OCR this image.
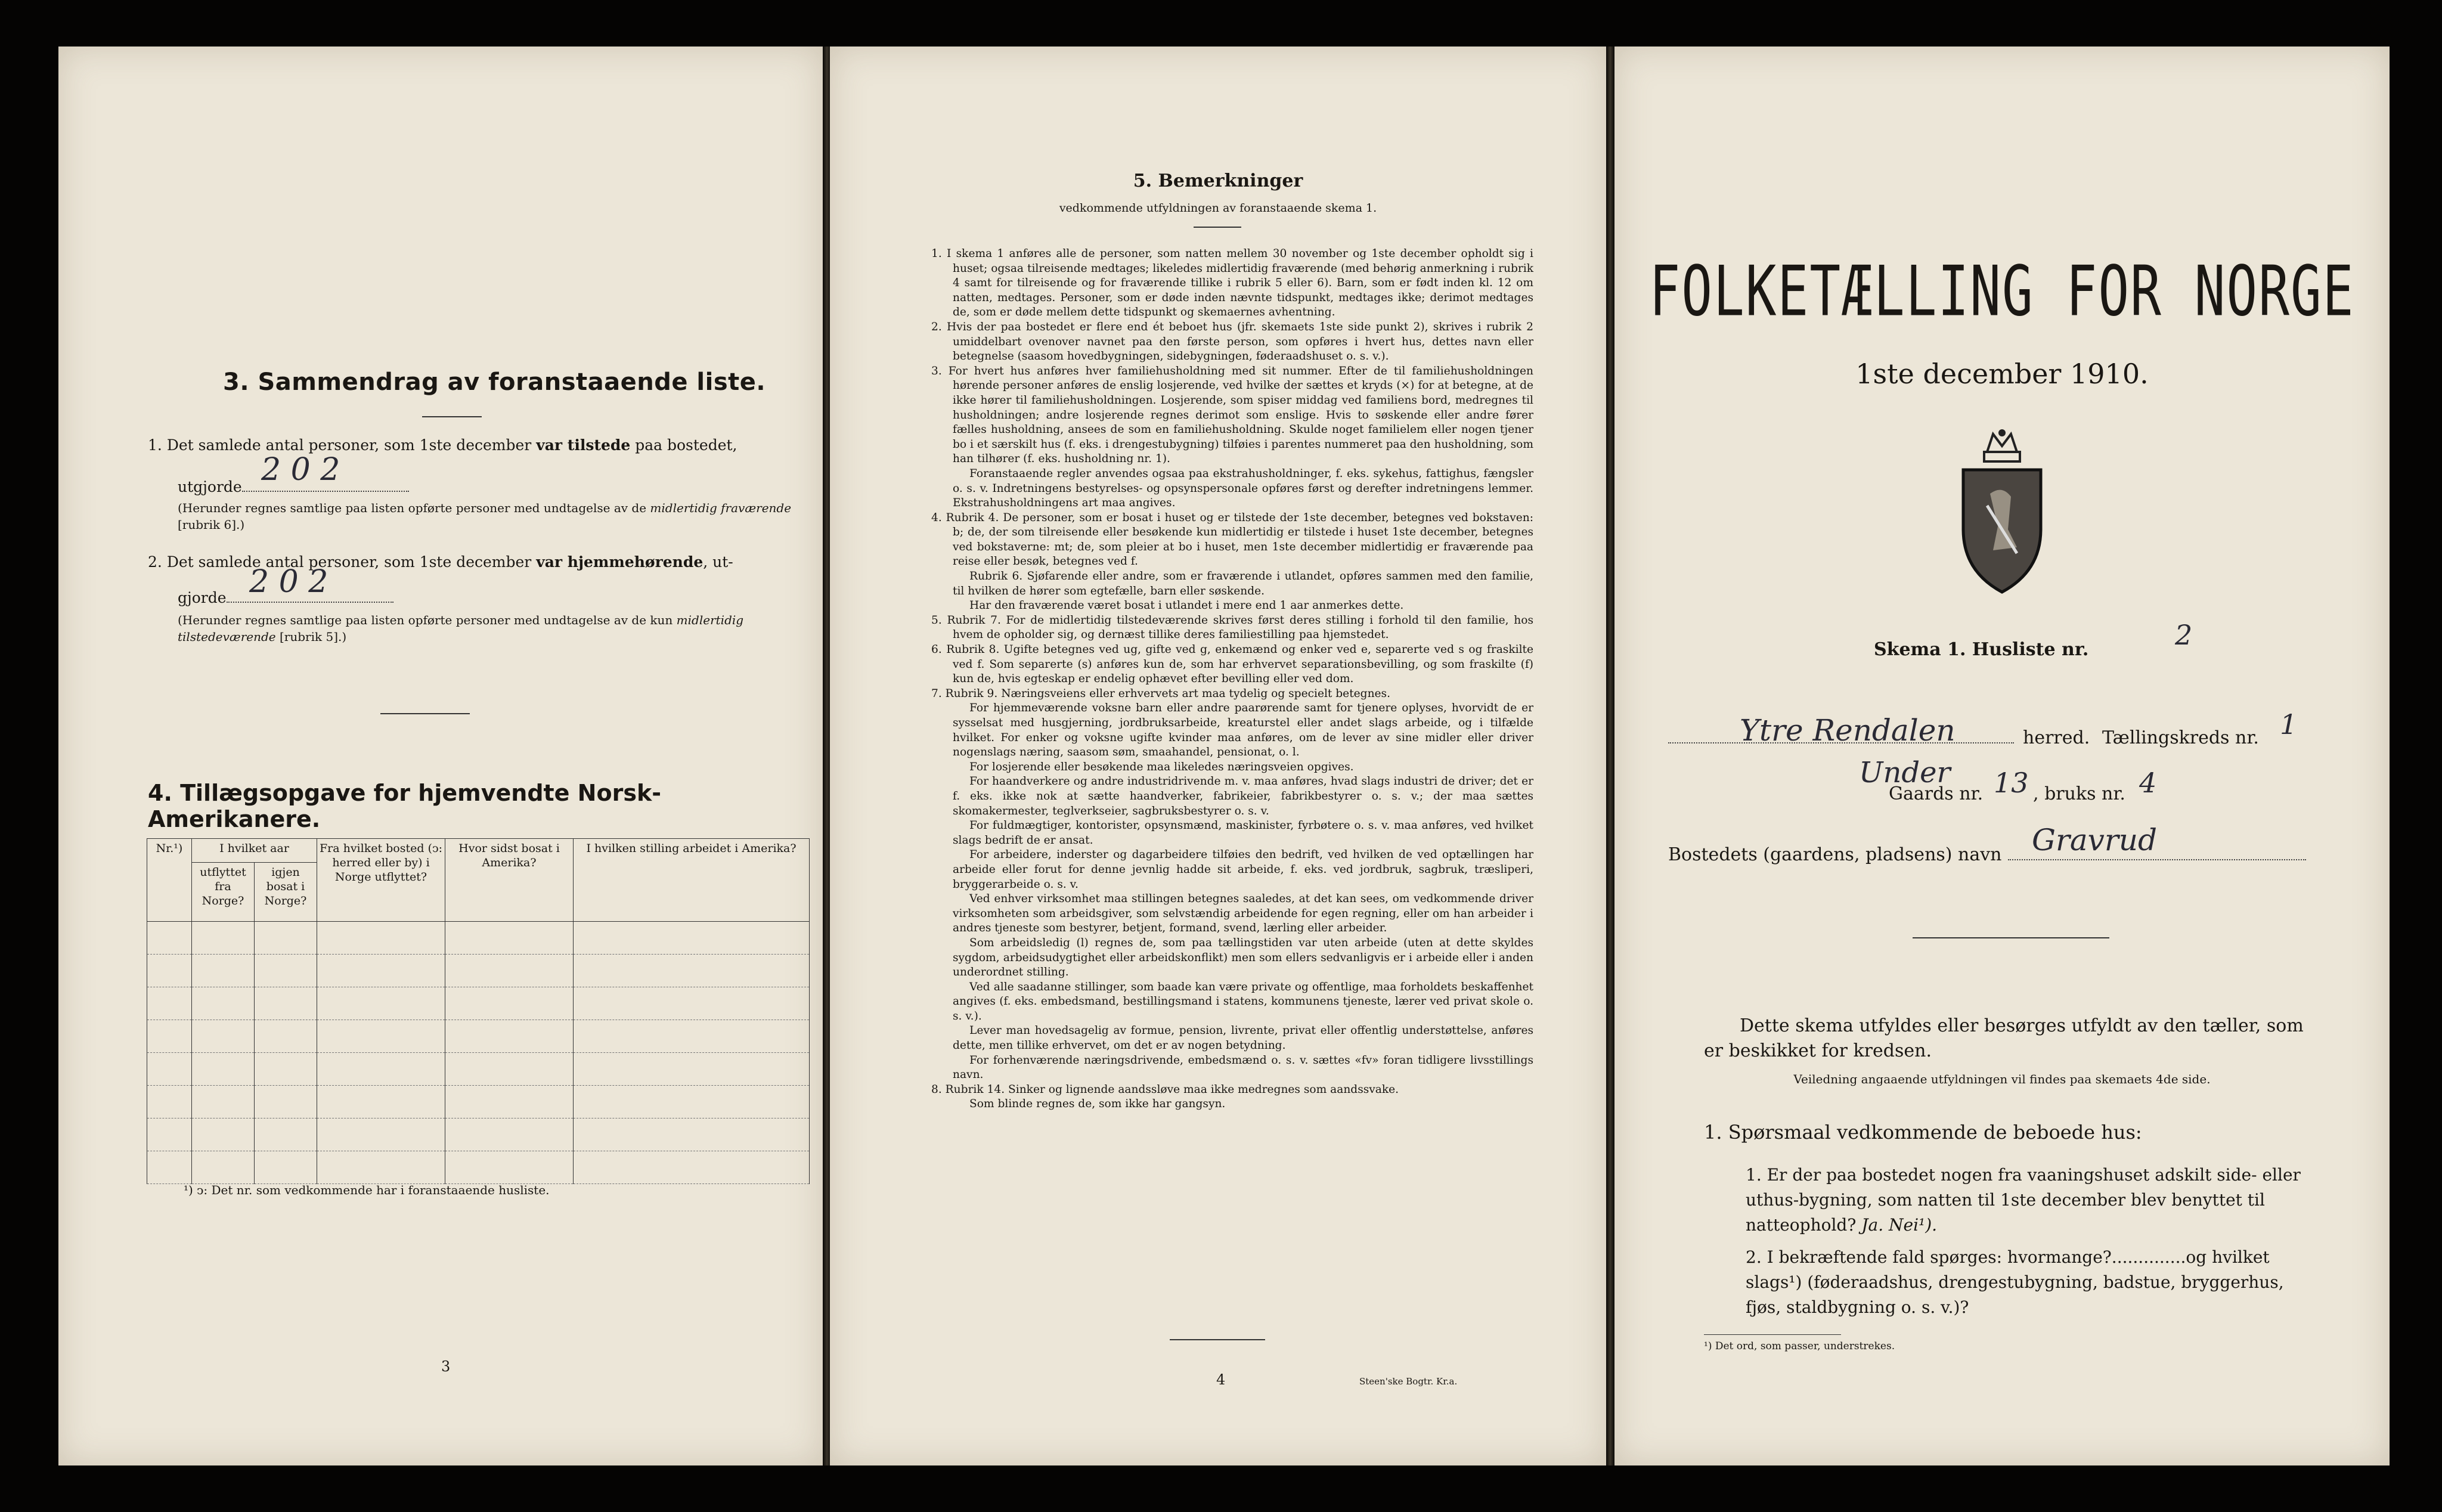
3. Sammendrag av foranstaaende liste.
1. Det samlede antal personer, som 1ste december var tilstede paa bostedet,
utgjorde 2 0 2
(Herunder regnes samtlige paa listen opførte personer med undtagelse av de midlertidig fraværende [rubrik 6].)
2. Det samlede antal personer, som 1ste december var hjemmehørende, ut-
gjorde 2 0 2
(Herunder regnes samtlige paa listen opførte personer med undtagelse av de kun midlertidig tilstedeværende [rubrik 5].)
4. Tillægsopgave for hjemvendte Norsk-Amerikanere.
Nr.¹)	I hvilket aar		Fra hvilket bosted (ↄ: herred eller by) i Norge utflyttet?	Hvor sidst bosat i Amerika?	I hvilken stilling arbeidet i Amerika?
	utflyttet fra Norge?	igjen bosat i Norge?			

¹) ↄ: Det nr. som vedkommende har i foranstaaende husliste.
3
5. Bemerkninger
vedkommende utfyldningen av foranstaaende skema 1.

1. I skema 1 anføres alle de personer, som natten mellem 30 november og 1ste december opholdt sig i huset; ogsaa tilreisende medtages; likeledes midlertidig fraværende (med behørig anmerkning i rubrik 4 samt for tilreisende og for fraværende tillike i rubrik 5 eller 6). Barn, som er født inden kl. 12 om natten, medtages. Personer, som er døde inden nævnte tidspunkt, medtages ikke; derimot medtages de, som er døde mellem dette tidspunkt og skemaernes avhentning.

2. Hvis der paa bostedet er flere end ét beboet hus (jfr. skemaets 1ste side punkt 2), skrives i rubrik 2 umiddelbart ovenover navnet paa den første person, som opføres i hvert hus, dettes navn eller betegnelse (saasom hovedbygningen, sidebygningen, føderaadshuset o. s. v.).

3. For hvert hus anføres hver familiehusholdning med sit nummer. Efter de til familiehusholdningen hørende personer anføres de enslig losjerende, ved hvilke der sættes et kryds (×) for at betegne, at de ikke hører til familiehusholdningen. Losjerende, som spiser middag ved familiens bord, medregnes til husholdningen; andre losjerende regnes derimot som enslige. Hvis to søskende eller andre fører fælles husholdning, ansees de som en familiehusholdning. Skulde noget familielem eller nogen tjener bo i et særskilt hus (f. eks. i drengestubygning) tilføies i parentes nummeret paa den husholdning, som han tilhører (f. eks. husholdning nr. 1).

Foranstaaende regler anvendes ogsaa paa ekstrahusholdninger, f. eks. sykehus, fattighus, fængsler o. s. v. Indretningens bestyrelses- og opsynspersonale opføres først og derefter indretningens lemmer. Ekstrahusholdningens art maa angives.

4. Rubrik 4. De personer, som er bosat i huset og er tilstede der 1ste december, betegnes ved bokstaven: b; de, der som tilreisende eller besøkende kun midlertidig er tilstede i huset 1ste december, betegnes ved bokstaverne: mt; de, som pleier at bo i huset, men 1ste december midlertidig er fraværende paa reise eller besøk, betegnes ved f.

Rubrik 6. Sjøfarende eller andre, som er fraværende i utlandet, opføres sammen med den familie, til hvilken de hører som egtefælle, barn eller søskende.

Har den fraværende været bosat i utlandet i mere end 1 aar anmerkes dette.

5. Rubrik 7. For de midlertidig tilstedeværende skrives først deres stilling i forhold til den familie, hos hvem de opholder sig, og dernæst tillike deres familiestilling paa hjemstedet.

6. Rubrik 8. Ugifte betegnes ved ug, gifte ved g, enkemænd og enker ved e, separerte ved s og fraskilte ved f. Som separerte (s) anføres kun de, som har erhvervet separationsbevilling, og som fraskilte (f) kun de, hvis egteskap er endelig ophævet efter bevilling eller ved dom.

7. Rubrik 9. Næringsveiens eller erhvervets art maa tydelig og specielt betegnes.

For hjemmeværende voksne barn eller andre paarørende samt for tjenere oplyses, hvorvidt de er sysselsat med husgjerning, jordbruksarbeide, kreaturstel eller andet slags arbeide, og i tilfælde hvilket. For enker og voksne ugifte kvinder maa anføres, om de lever av sine midler eller driver nogenslags næring, saasom søm, smaahandel, pensionat, o. l.

For losjerende eller besøkende maa likeledes næringsveien opgives.

For haandverkere og andre industridrivende m. v. maa anføres, hvad slags industri de driver; det er f. eks. ikke nok at sætte haandverker, fabrikeier, fabrikbestyrer o. s. v.; der maa sættes skomakermester, teglverkseier, sagbruksbestyrer o. s. v.

For fuldmægtiger, kontorister, opsynsmænd, maskinister, fyrbøtere o. s. v. maa anføres, ved hvilket slags bedrift de er ansat.

For arbeidere, inderster og dagarbeidere tilføies den bedrift, ved hvilken de ved optællingen har arbeide eller forut for denne jevnlig hadde sit arbeide, f. eks. ved jordbruk, sagbruk, træsliperi, bryggerarbeide o. s. v.

Ved enhver virksomhet maa stillingen betegnes saaledes, at det kan sees, om vedkommende driver virksomheten som arbeidsgiver, som selvstændig arbeidende for egen regning, eller om han arbeider i andres tjeneste som bestyrer, betjent, formand, svend, lærling eller arbeider.

Som arbeidsledig (l) regnes de, som paa tællingstiden var uten arbeide (uten at dette skyldes sygdom, arbeidsudygtighet eller arbeidskonflikt) men som ellers sedvanligvis er i arbeide eller i anden underordnet stilling.

Ved alle saadanne stillinger, som baade kan være private og offentlige, maa forholdets beskaffenhet angives (f. eks. embedsmand, bestillingsmand i statens, kommunens tjeneste, lærer ved privat skole o. s. v.).

Lever man hovedsagelig av formue, pension, livrente, privat eller offentlig understøttelse, anføres dette, men tillike erhvervet, om det er av nogen betydning.

For forhenværende næringsdrivende, embedsmænd o. s. v. sættes «fv» foran tidligere livsstillings navn.

8. Rubrik 14. Sinker og lignende aandssløve maa ikke medregnes som aandssvake.

Som blinde regnes de, som ikke har gangsyn.

4	Steen'ske Bogtr. Kr.a.
FOLKETÆLLING FOR NORGE
1ste december 1910.
Skema 1. Husliste nr.	2
Ytre Rendalen	herred. Tællingskreds nr. 1
Under
Gaards nr. 13 , bruks nr. 4
Bostedets (gaardens, pladsens) navn Gravrud
Dette skema utfyldes eller besørges utfyldt av den tæller, som er beskikket for kredsen.
Veiledning angaaende utfyldningen vil findes paa skemaets 4de side.
1. Spørsmaal vedkommende de beboede hus:
1. Er der paa bostedet nogen fra vaaningshuset adskilt side- eller uthus-bygning, som natten til 1ste december blev benyttet til natteophold? Ja. Nei¹).
2. I bekræftende fald spørges: hvormange?..............og hvilket slags¹) (føderaadshus, drengestubygning, badstue, bryggerhus, fjøs, staldbygning o. s. v.)?
¹) Det ord, som passer, understrekes.
